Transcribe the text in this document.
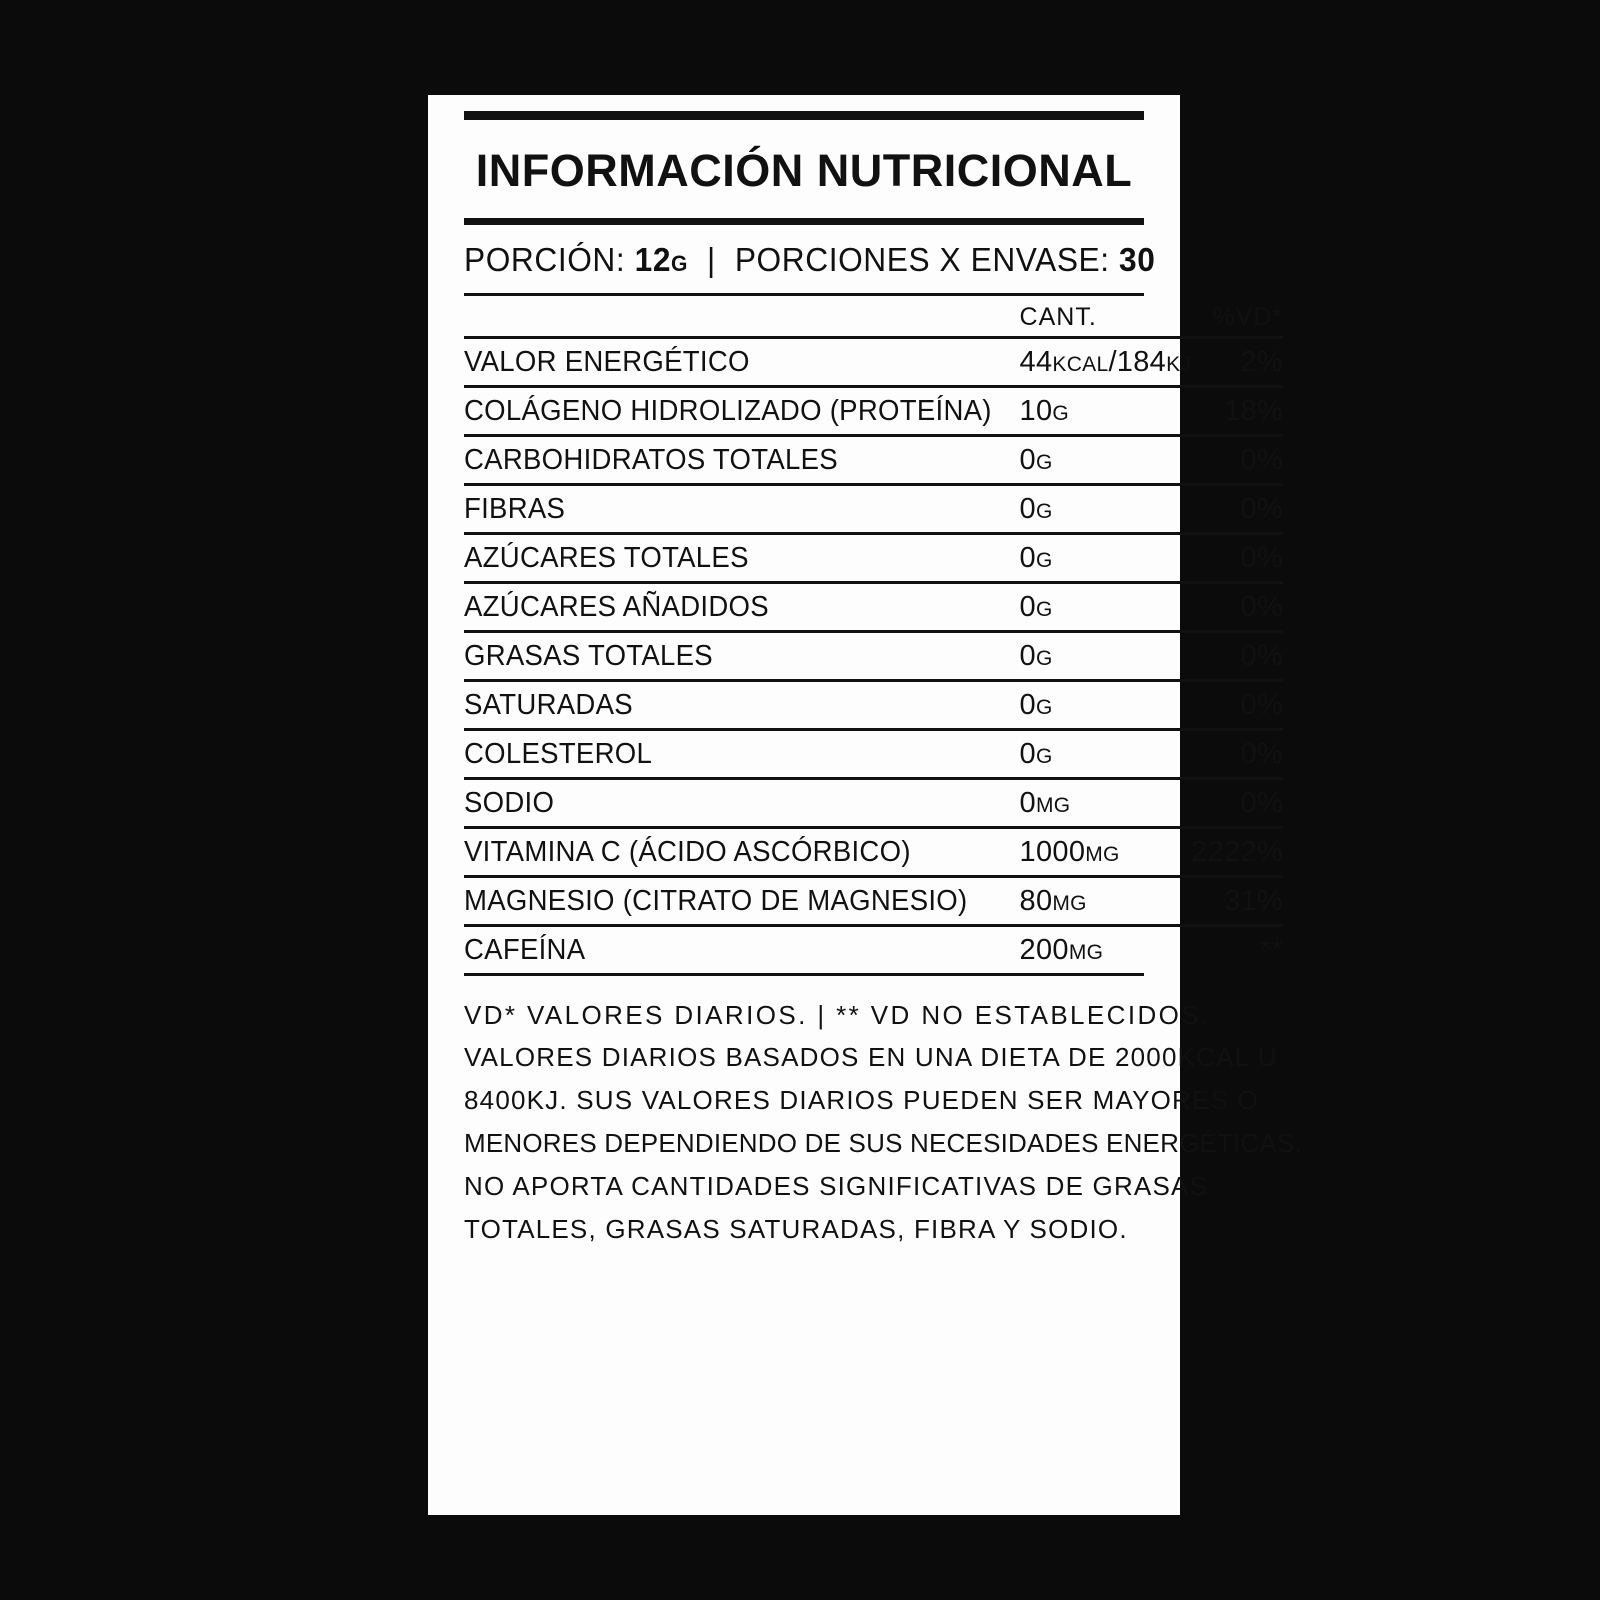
INFORMACIÓN NUTRICIONAL
PORCIÓN: 12G | PORCIONES X ENVASE: 30
	CANT.	%VD*
VALOR ENERGÉTICO	44KCAL/184KJ	2%
COLÁGENO HIDROLIZADO (PROTEÍNA)	10G	18%
CARBOHIDRATOS TOTALES	0G	0%
FIBRAS	0G	0%
AZÚCARES TOTALES	0G	0%
AZÚCARES AÑADIDOS	0G	0%
GRASAS TOTALES	0G	0%
SATURADAS	0G	0%
COLESTEROL	0G	0%
SODIO	0MG	0%
VITAMINA C (ÁCIDO ASCÓRBICO)	1000MG	2222%
MAGNESIO (CITRATO DE MAGNESIO)	80MG	31%
CAFEÍNA	200MG	**
VD* VALORES DIARIOS. | ** VD NO ESTABLECIDOS.
VALORES DIARIOS BASADOS EN UNA DIETA DE 2000KCAL U
8400KJ. SUS VALORES DIARIOS PUEDEN SER MAYORES O
MENORES DEPENDIENDO DE SUS NECESIDADES ENERGÉTICAS.
NO APORTA CANTIDADES SIGNIFICATIVAS DE GRASAS
TOTALES, GRASAS SATURADAS, FIBRA Y SODIO.
